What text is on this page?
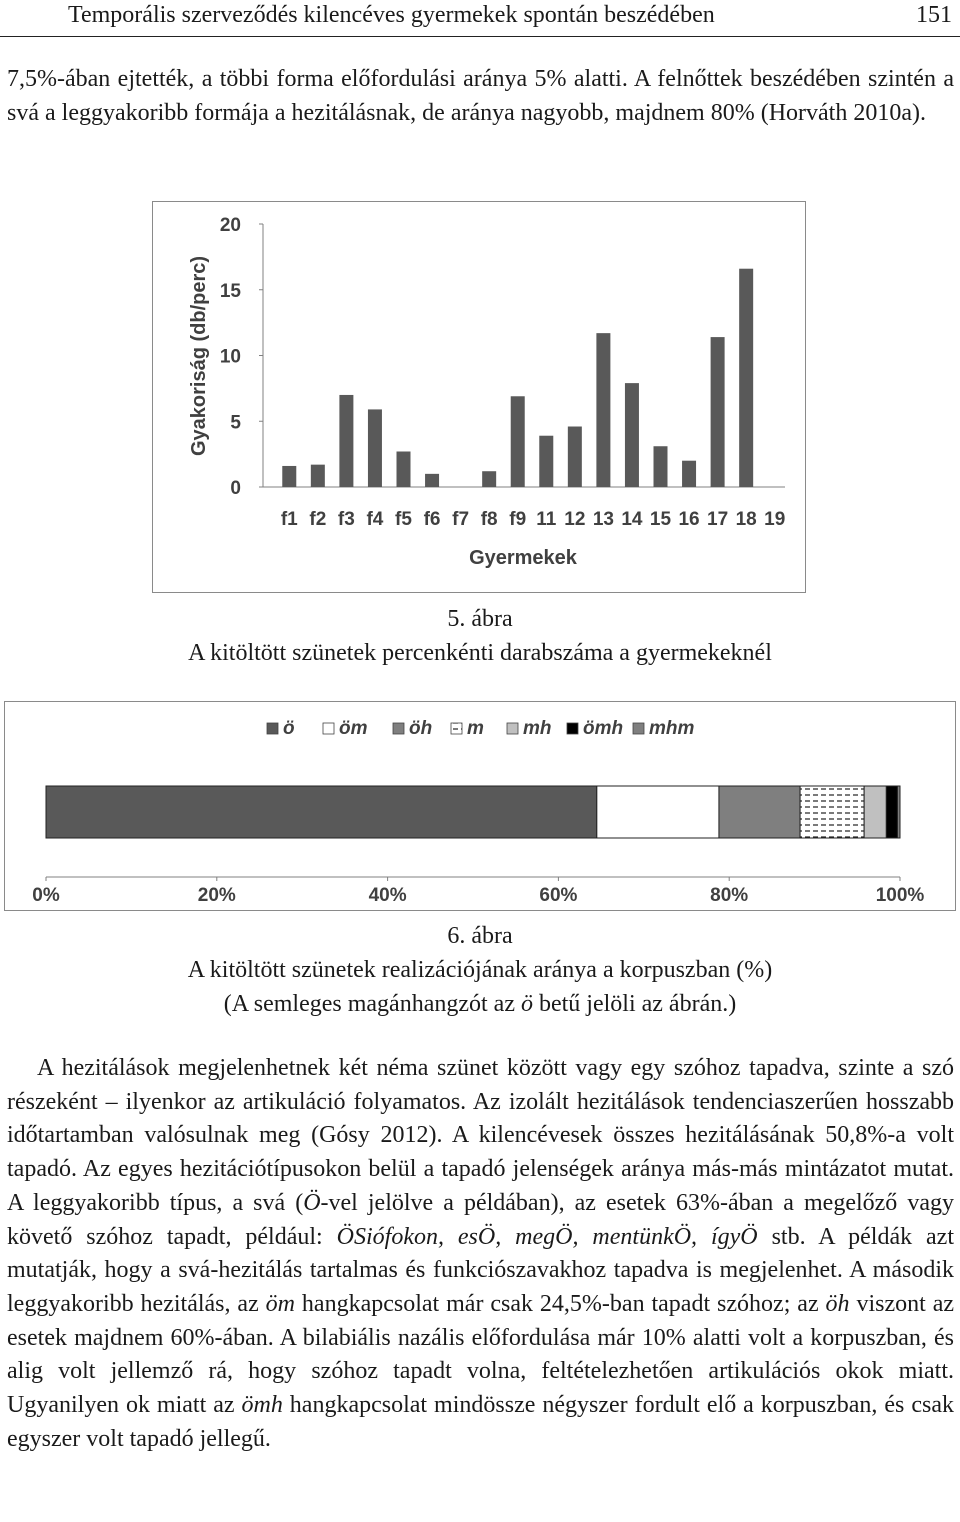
Temporális szerveződés kilencéves gyermekek spontán beszédében	151

7,5%-ában ejtették, a többi forma előfordulási aránya 5% alatti. A felnőttek beszédében szintén a svá a leggyakoribb formája a hezitálásnak, de aránya nagyobb, majdnem 80% (Horváth 2010a).

0
5
10
15
20
f1 f2 f3 f4 f5 f6 f7 f8 f9 11 12 13 14 15 16 17 18 19
Gyermekek
Gyakoriság (db/perc)
5. ábra
A kitöltött szünetek percenkénti darabszáma a gyermekeknél
ö öm öh m mh ömh mhm
0%	20%	40%	60%	80%	100%
6. ábra
A kitöltött szünetek realizációjának aránya a korpuszban (%)
(A semleges magánhangzót az ö betű jelöli az ábrán.)

A hezitálások megjelenhetnek két néma szünet között vagy egy szóhoz tapadva, szinte a szó részeként – ilyenkor az artikuláció folyamatos. Az izolált hezitálások tendenciaszerűen hosszabb időtartamban valósulnak meg (Gósy 2012). A kilencévesek összes hezitálásának 50,8%-a volt tapadó. Az egyes hezitációtípusokon belül a tapadó jelenségek aránya más-más mintázatot mutat. A leggyakoribb típus, a svá (Ö-vel jelölve a példában), az esetek 63%-ában a megelőző vagy követő szóhoz tapadt, például: ÖSiófokon, esÖ, megÖ, mentünkÖ, ígyÖ stb. A példák azt mutatják, hogy a svá-hezitálás tartalmas és funkciószavakhoz tapadva is megjelenhet. A második leggyakoribb hezitálás, az öm hangkapcsolat már csak 24,5%-ban tapadt szóhoz; az öh viszont az esetek majdnem 60%-ában. A bilabiális nazális előfordulása már 10% alatti volt a korpuszban, és alig volt jellemző rá, hogy szóhoz tapadt volna, feltételezhetően artikulációs okok miatt. Ugyanilyen ok miatt az ömh hangkapcsolat mindössze négyszer fordult elő a korpuszban, és csak egyszer volt tapadó jellegű.
